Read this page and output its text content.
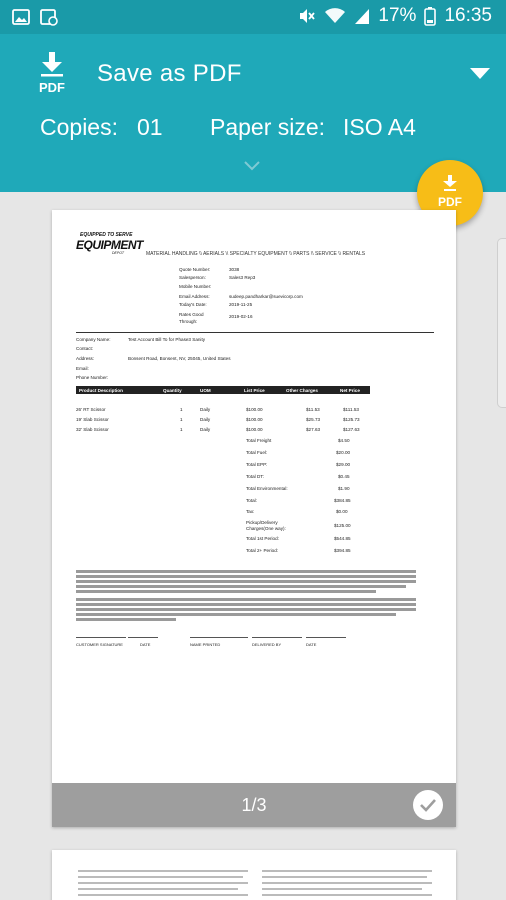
17% 16:35
PDF
Save as PDF
Copies: 01 Paper size: ISO A4
PDF
EQUIPPED TO SERVE
EQUIPMENT
DEPOT	MATERIAL HANDLING \\ AERIALS \\ SPECIALTY EQUIPMENT \\ PARTS \\ SERVICE \\ RENTALS
Quote Number:	3038
Salesperson:	Sales3 Rep3
Mobile Number:
Email Address:	sudeep.pandharkar@suevicorp.com
Today's Date:	2019-11-25
Rates Good Through:
2019-02-16
Company Name:	Test Account Bill To for Phase3 Sanity
Contact:
Address:	Bonsent Road, Bonsent, NV, 25045, United States
Email:
Phone Number:
Product Description	Quantity	UOM	List Price	Other Charges	Net Price
26' RT Scissor	1	Daily	$100.00	$11.53	$111.53
19' Slab Scissor	1	Daily	$100.00	$25.73	$125.73
32' Slab Scissor	1	Daily	$100.00	$27.63	$127.63
Total Freight	$4.50
Total Fuel:	$20.00
Total EPP:	$29.00
Total DT:	$0.45
Total Environmental:	$1.90
Total:	$384.85
Tax:	$0.00
Pickup/Delivery Charges(One way):
$125.00
Total 1st Period:	$544.85
Total 2+ Period:	$394.85
CUSTOMER SIGNATURE	DATE	NAME PRINTED	DELIVERED BY	DATE
1/3
